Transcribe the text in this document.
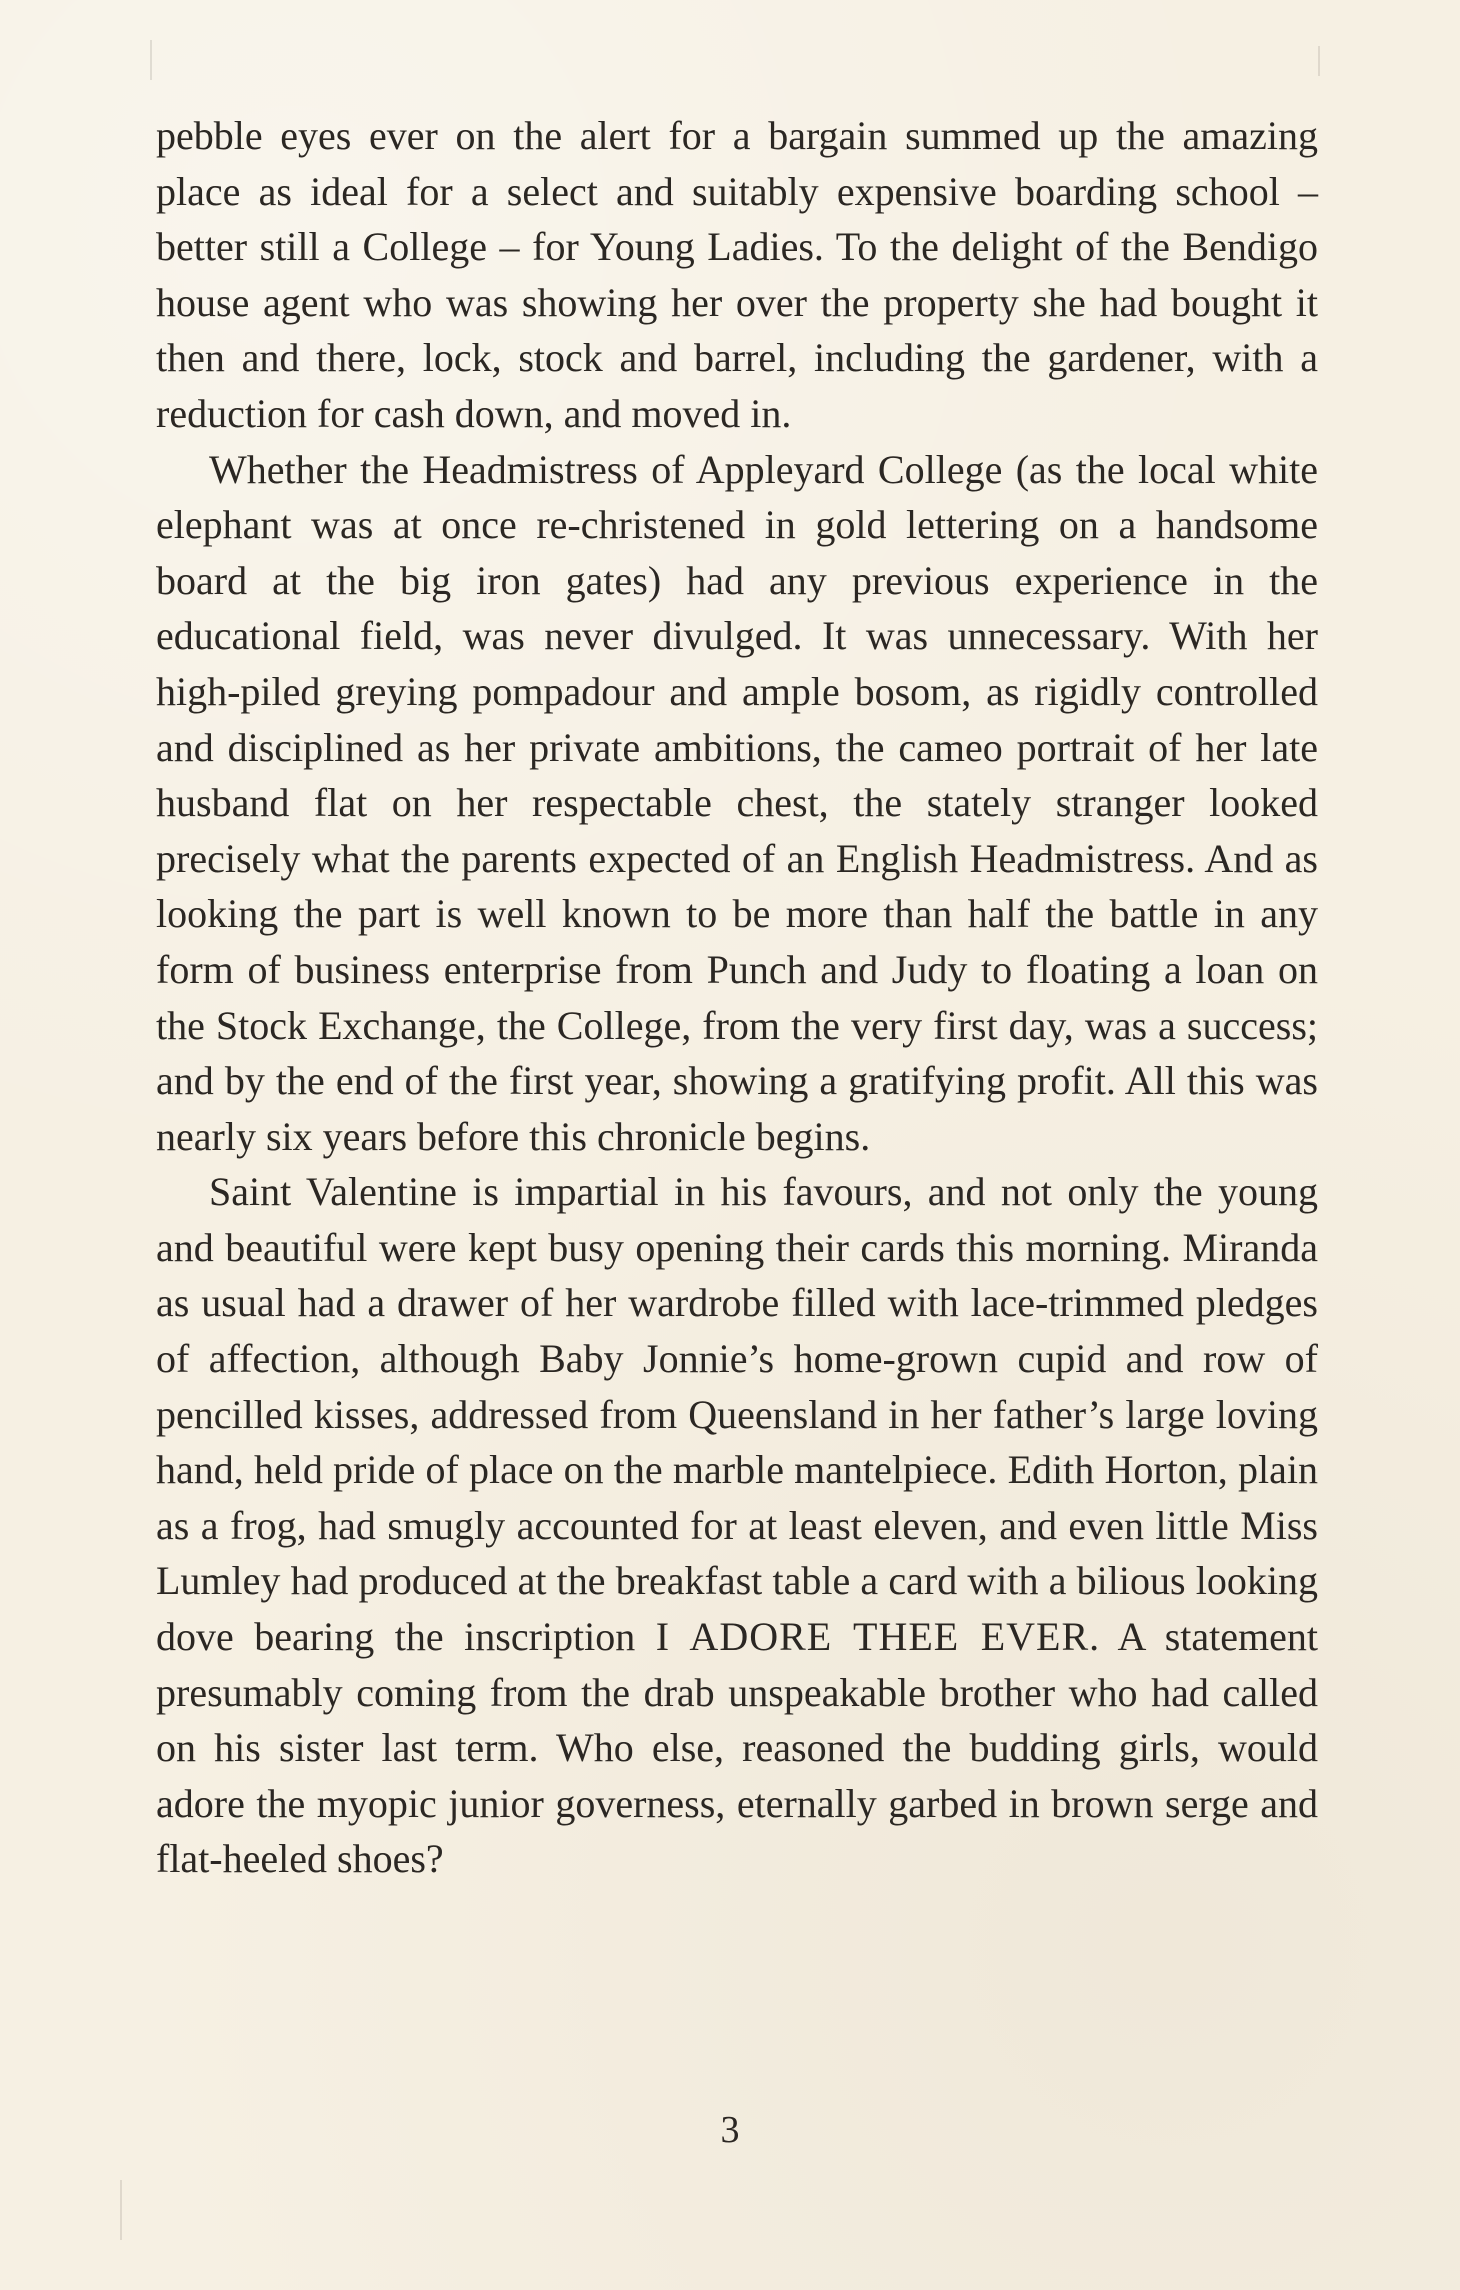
pebble eyes ever on the alert for a bargain summed up the amazing place as ideal for a select and suitably expensive boarding school – better still a College – for Young Ladies. To the delight of the Bendigo house agent who was showing her over the property she had bought it then and there, lock, stock and barrel, including the gardener, with a reduction for cash down, and moved in.

Whether the Headmistress of Appleyard College (as the local white elephant was at once re-christened in gold lettering on a handsome board at the big iron gates) had any previous experience in the educational field, was never divulged. It was unnecessary. With her high-piled greying pompadour and ample bosom, as rigidly controlled and disciplined as her private ambitions, the cameo portrait of her late husband flat on her respectable chest, the stately stranger looked precisely what the parents expected of an English Headmistress. And as looking the part is well known to be more than half the battle in any form of business enterprise from Punch and Judy to floating a loan on the Stock Exchange, the College, from the very first day, was a success; and by the end of the first year, showing a gratifying profit. All this was nearly six years before this chronicle begins.

Saint Valentine is impartial in his favours, and not only the young and beautiful were kept busy opening their cards this morning. Miranda as usual had a drawer of her wardrobe filled with lace-trimmed pledges of affection, although Baby Jonnie’s home-grown cupid and row of pencilled kisses, addressed from Queensland in her father’s large loving hand, held pride of place on the marble mantelpiece. Edith Horton, plain as a frog, had smugly accounted for at least eleven, and even little Miss Lumley had produced at the breakfast table a card with a bilious looking dove bearing the inscription I ADORE THEE EVER. A statement presumably coming from the drab unspeakable brother who had called on his sister last term. Who else, reasoned the budding girls, would adore the myopic junior governess, eternally garbed in brown serge and flat-heeled shoes?

3
